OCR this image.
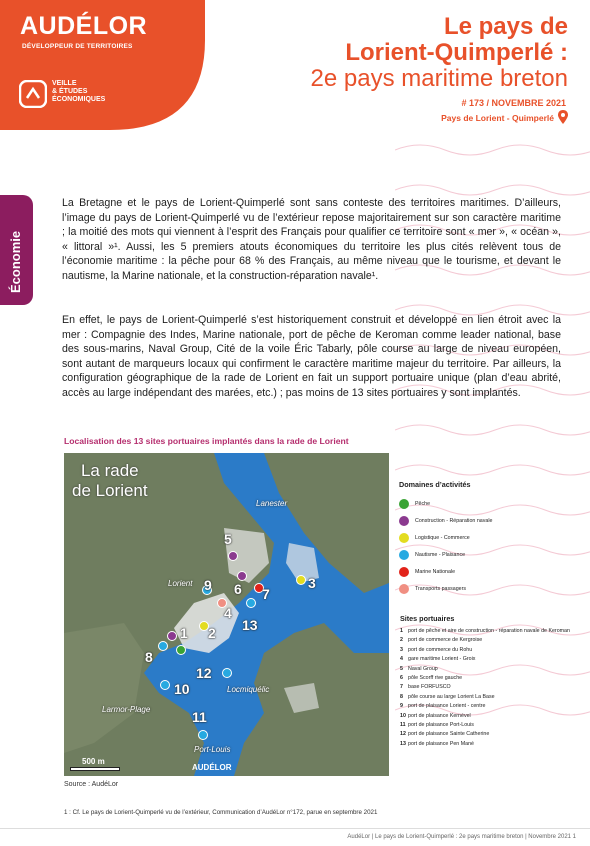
AUDÉLOR
DÉVELOPPEUR DE TERRITOIRES
VEILLE
& ÉTUDES
ÉCONOMIQUES
Le pays de
Lorient-Quimperlé :
2e pays maritime breton
# 173 / NOVEMBRE 2021
Pays de Lorient - Quimperlé
Économie

La Bretagne et le pays de Lorient-Quimperlé sont sans conteste des territoires maritimes. D’ailleurs, l’image du pays de Lorient-Quimperlé vu de l’extérieur repose majoritairement sur son caractère maritime ; la moitié des mots qui viennent à l’esprit des Français pour qualifier ce territoire sont « mer », « océan », « littoral »¹. Aussi, les 5 premiers atouts économiques du territoire les plus cités relèvent tous de l’économie maritime : la pêche pour 68 % des Français, au même niveau que le tourisme, et devant le nautisme, la Marine nationale, et la construction-réparation navale¹.

En effet, le pays de Lorient-Quimperlé s’est historiquement construit et développé en lien étroit avec la mer : Compagnie des Indes, Marine nationale, port de pêche de Keroman comme leader national, base des sous-marins, Naval Group, Cité de la voile Éric Tabarly, pôle course au large de niveau européen, sont autant de marqueurs locaux qui confirment le caractère maritime majeur du territoire. Par ailleurs, la configuration géographique de la rade de Lorient en fait un support portuaire unique (plan d’eau abrité, accès au large indépendant des marées, etc.) ; pas moins de 13 sites portuaires y sont implantés.

Localisation des 13 sites portuaires implantés dans la rade de Lorient
La rade
de Lorient
Lanester
Lorient
Locmiquélic
Larmor-Plage
Port-Louis
5
9 6 7
3
4
13
2
1
8
12
10
11
500 m
AUDÉLOR
Source : AudéLor
Domaines d’activités
Pêche
Construction - Réparation navale
Logistique - Commerce
Nautisme - Plaisance
Marine Nationale
Transports passagers
Sites portuaires
1 port de pêche et aire de construction - réparation navale de Keroman
2 port de commerce de Kergroise
3 port de commerce du Rohu
4 gare maritime Lorient - Groix
5 Naval Group
6 pôle Scorff rive gauche
7 base FORFUSCO
8 pôle course au large Lorient La Base
9 port de plaisance Lorient - centre
10 port de plaisance Kernével
11 port de plaisance Port-Louis
12 port de plaisance Sainte Catherine
13 port de plaisance Pen Mané
1 : Cf. Le pays de Lorient-Quimperlé vu de l’extérieur, Communication d’AudéLor n°172, parue en septembre 2021
AudéLor | Le pays de Lorient-Quimperlé : 2e pays maritime breton | Novembre 2021 1
